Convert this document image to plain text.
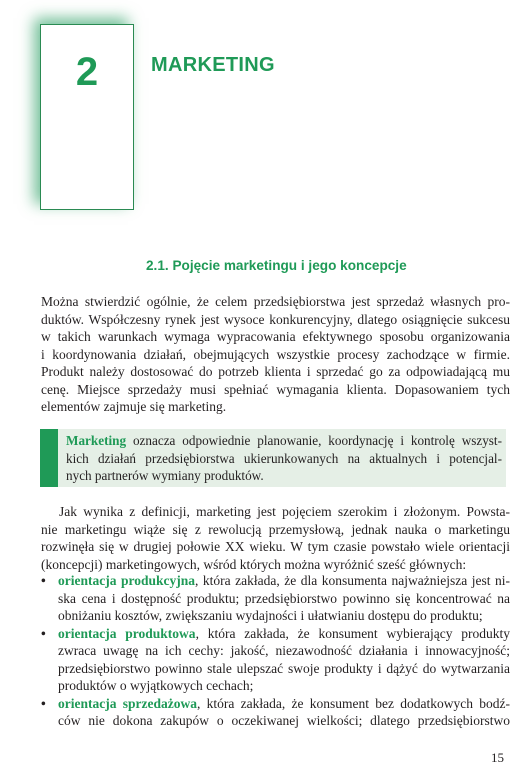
2	MARKETING
2.1. Pojęcie marketingu i jego koncepcje

Można stwierdzić ogólnie, że celem przedsiębiorstwa jest sprzedaż własnych pro-
duktów. Współczesny rynek jest wysoce konkurencyjny, dlatego osiągnięcie sukcesu
w takich warunkach wymaga wypracowania efektywnego sposobu organizowania
i koordynowania działań, obejmujących wszystkie procesy zachodzące w firmie.
Produkt należy dostosować do potrzeb klienta i sprzedać go za odpowiadającą mu
cenę. Miejsce sprzedaży musi spełniać wymagania klienta. Dopasowaniem tych
elementów zajmuje się marketing.

Marketing oznacza odpowiednie planowanie, koordynację i kontrolę wszyst-
kich działań przedsiębiorstwa ukierunkowanych na aktualnych i potencjal-
nych partnerów wymiany produktów.

Jak wynika z definicji, marketing jest pojęciem szerokim i złożonym. Powsta-
nie marketingu wiąże się z rewolucją przemysłową, jednak nauka o marketingu
rozwinęła się w drugiej połowie XX wieku. W tym czasie powstało wiele orientacji
(koncepcji) marketingowych, wśród których można wyróżnić sześć głównych:

• orientacja produkcyjna, która zakłada, że dla konsumenta najważniejsza jest ni-
ska cena i dostępność produktu; przedsiębiorstwo powinno się koncentrować na
obniżaniu kosztów, zwiększaniu wydajności i ułatwianiu dostępu do produktu;
• orientacja produktowa, która zakłada, że konsument wybierający produkty
zwraca uwagę na ich cechy: jakość, niezawodność działania i innowacyjność;
przedsiębiorstwo powinno stale ulepszać swoje produkty i dążyć do wytwarzania
produktów o wyjątkowych cechach;
• orientacja sprzedażowa, która zakłada, że konsument bez dodatkowych bodź-
ców nie dokona zakupów o oczekiwanej wielkości; dlatego przedsiębiorstwo
15
